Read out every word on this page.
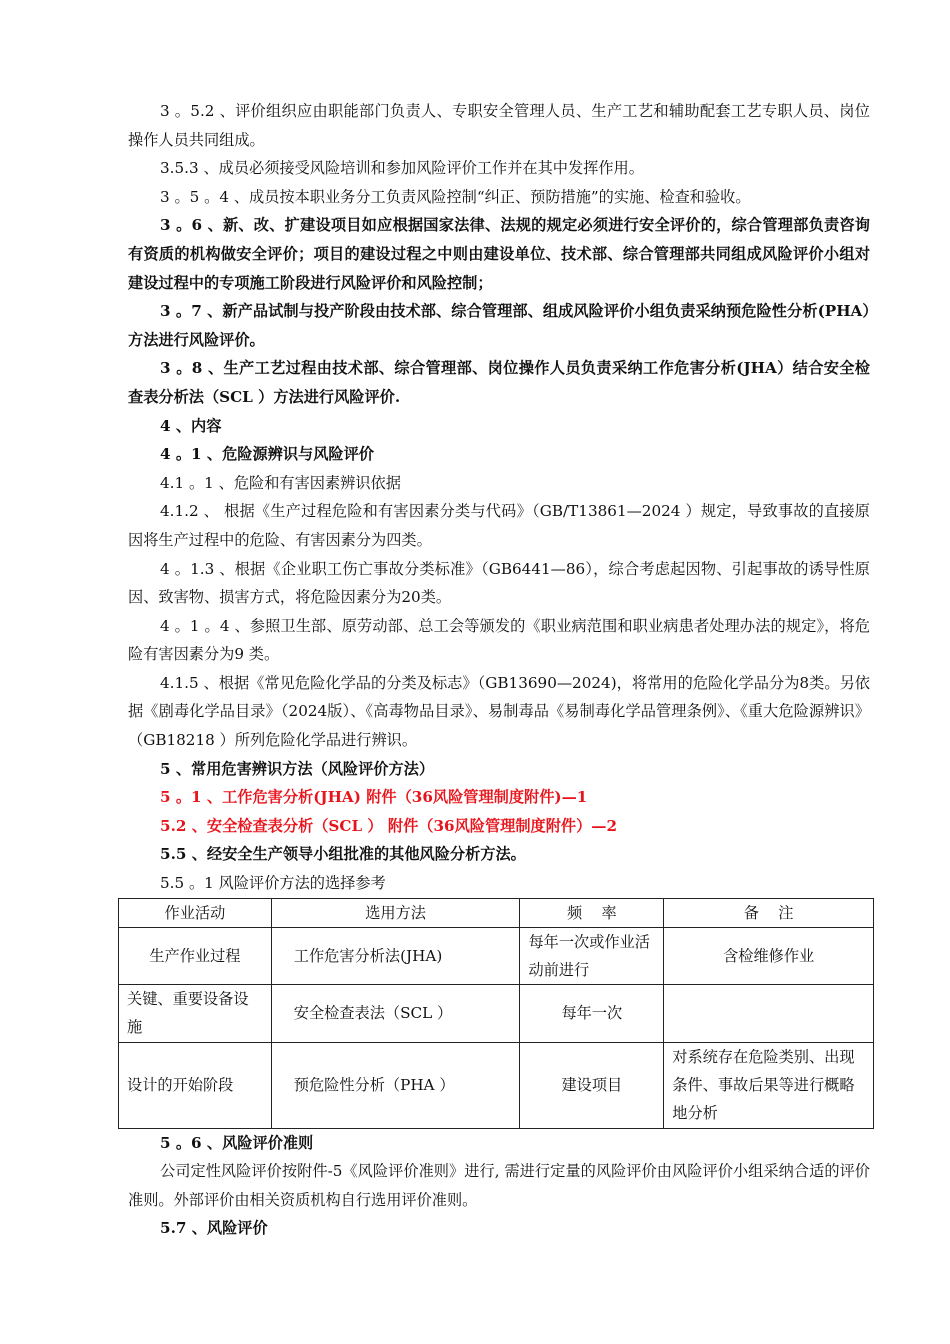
3 。5.2 、评价组织应由职能部门负责人、专职安全管理人员、生产工艺和辅助配套工艺专职人员、岗位操作人员共同组成。

3.5.3 、成员必须接受风险培训和参加风险评价工作并在其中发挥作用。

3 。5 。4 、成员按本职业务分工负责风险控制“纠正、预防措施”的实施、检查和验收。

3 。6 、新、改、扩建设项目如应根据国家法律、法规的规定必须进行安全评价的，综合管理部负责咨询有资质的机构做安全评价；项目的建设过程之中则由建设单位、技术部、综合管理部共同组成风险评价小组对建设过程中的专项施工阶段进行风险评价和风险控制；

3 。7 、新产品试制与投产阶段由技术部、综合管理部、组成风险评价小组负责采纳预危险性分析(PHA）方法进行风险评价。

3 。8 、生产工艺过程由技术部、综合管理部、岗位操作人员负责采纳工作危害分析(JHA）结合安全检查表分析法（SCL ）方法进行风险评价.

4 、内容

4 。1 、危险源辨识与风险评价

4.1 。1 、危险和有害因素辨识依据

4.1.2 、 根据《生产过程危险和有害因素分类与代码》（GB/T13861—2024 ）规定，导致事故的直接原因将生产过程中的危险、有害因素分为四类。

4 。1.3 、根据《企业职工伤亡事故分类标准》（GB6441—86），综合考虑起因物、引起事故的诱导性原因、致害物、损害方式，将危险因素分为20类。

4 。1 。4 、参照卫生部、原劳动部、总工会等颁发的《职业病范围和职业病患者处理办法的规定》，将危险有害因素分为9 类。

4.1.5 、根据《常见危险化学品的分类及标志》（GB13690—2024)，将常用的危险化学品分为8类。另依据《剧毒化学品目录》（2024版）、《高毒物品目录》、易制毒品《易制毒化学品管理条例》、《重大危险源辨识》（GB18218 ）所列危险化学品进行辨识。

5 、常用危害辨识方法（风险评价方法）

5 。1 、工作危害分析(JHA) 附件（36风险管理制度附件)—1

5.2 、安全检查表分析（SCL ） 附件（36风险管理制度附件）—2

5.5 、经安全生产领导小组批准的其他风险分析方法。

5.5 。1 风险评价方法的选择参考

作业活动	选用方法	频    率	备    注
生产作业过程	工作危害分析法(JHA)	每年一次或作业活动前进行	含检维修作业
关键、重要设备设施	安全检查表法（SCL ）	每年一次	
设计的开始阶段	预危险性分析（PHA ）	建设项目	对系统存在危险类别、出现条件、事故后果等进行概略地分析

5 。6 、风险评价准则

公司定性风险评价按附件-5《风险评价准则》进行, 需进行定量的风险评价由风险评价小组采纳合适的评价准则。外部评价由相关资质机构自行选用评价准则。

5.7 、风险评价
